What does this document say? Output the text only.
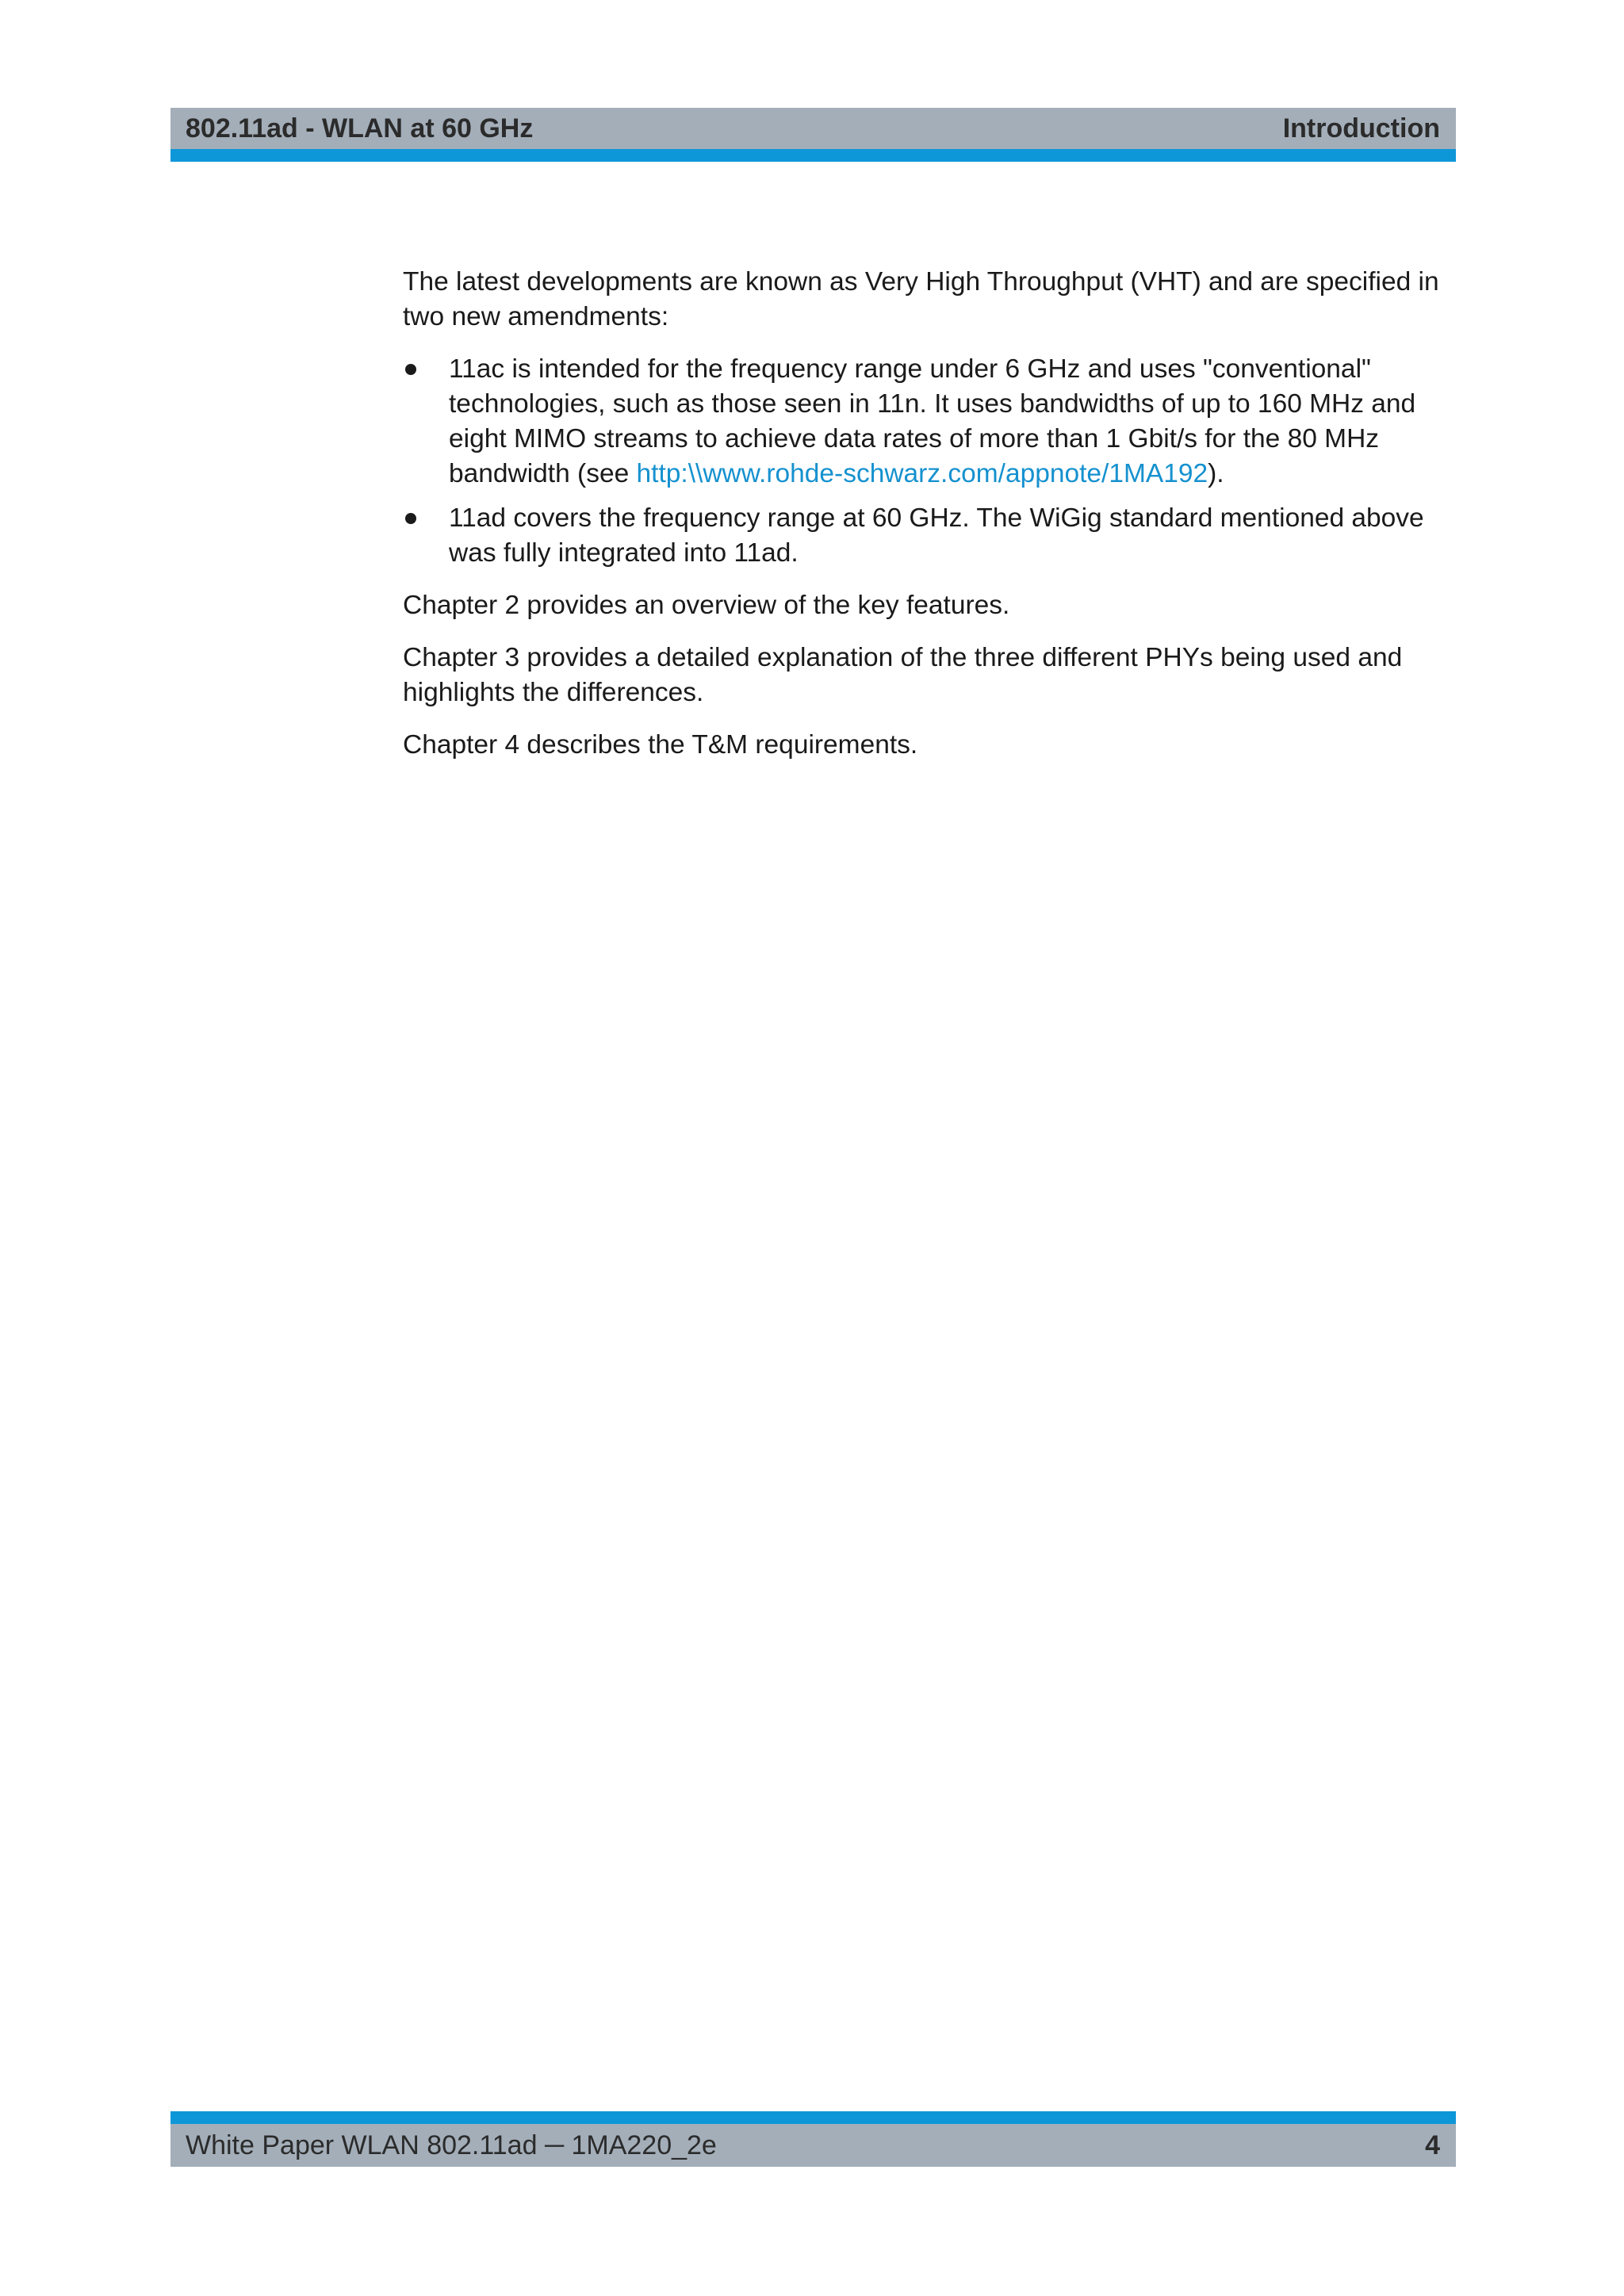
802.11ad - WLAN at 60 GHz	Introduction

The latest developments are known as Very High Throughput (VHT) and are specified in two new amendments:

11ac is intended for the frequency range under 6 GHz and uses "conventional" technologies, such as those seen in 11n. It uses bandwidths of up to 160 MHz and eight MIMO streams to achieve data rates of more than 1 Gbit/s for the 80 MHz bandwidth (see http:\\www.rohde-schwarz.com/appnote/1MA192).
11ad covers the frequency range at 60 GHz. The WiGig standard mentioned above was fully integrated into 11ad.

Chapter 2 provides an overview of the key features.

Chapter 3 provides a detailed explanation of the three different PHYs being used and highlights the differences.

Chapter 4 describes the T&M requirements.

White Paper WLAN 802.11ad ─ 1MA220_2e	4
